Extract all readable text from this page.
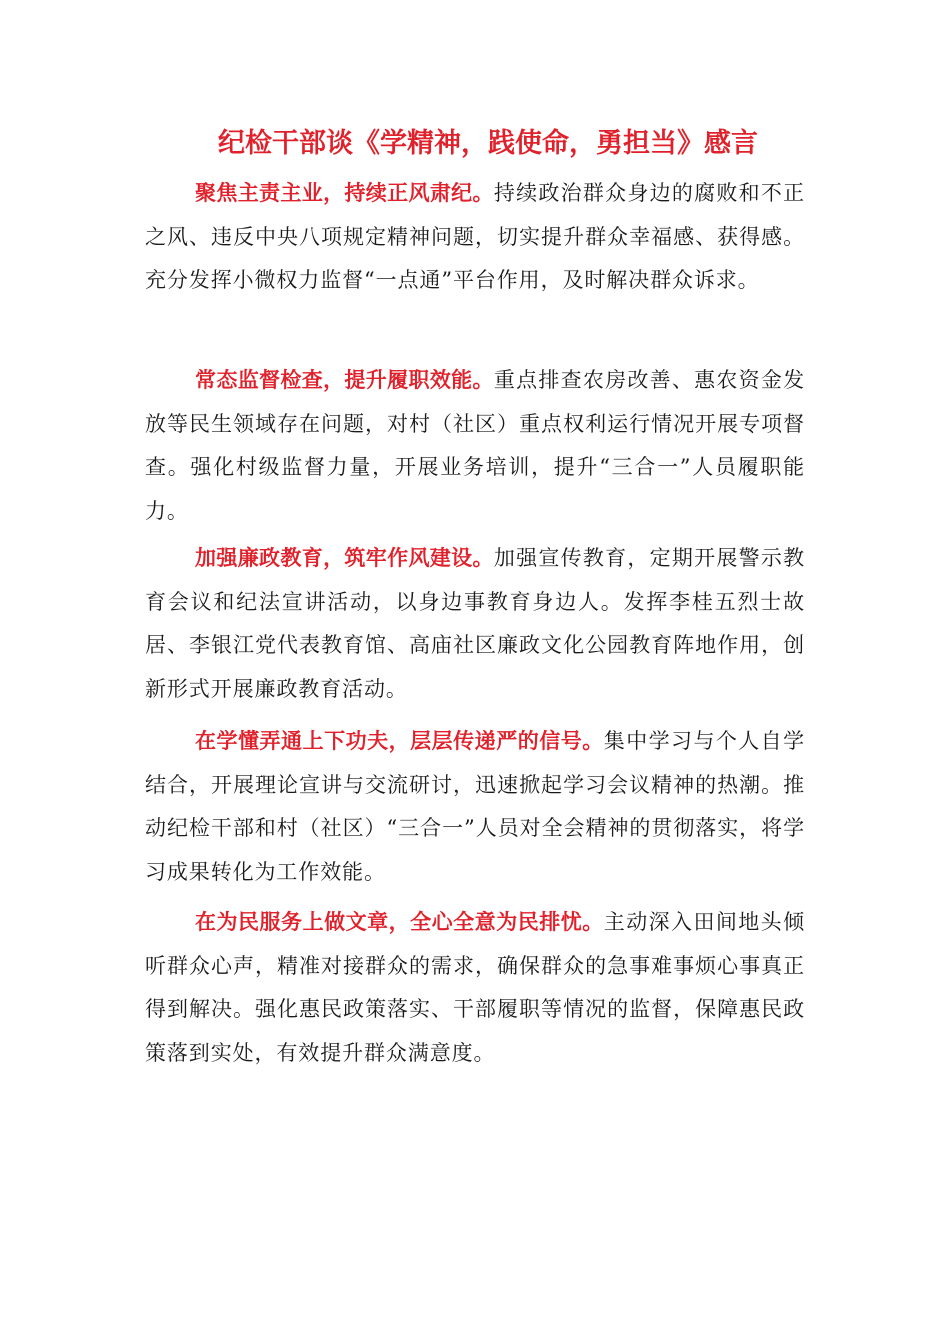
纪检干部谈《学精神，践使命，勇担当》感言

聚焦主责主业，持续正风肃纪。持续政治群众身边的腐败和不正之风、违反中央八项规定精神问题，切实提升群众幸福感、获得感。充分发挥小微权力监督“一点通”平台作用，及时解决群众诉求。

常态监督检查，提升履职效能。重点排查农房改善、惠农资金发放等民生领域存在问题，对村（社区）重点权利运行情况开展专项督查。强化村级监督力量，开展业务培训，提升“三合一”人员履职能力。

加强廉政教育，筑牢作风建设。加强宣传教育，定期开展警示教育会议和纪法宣讲活动，以身边事教育身边人。发挥李桂五烈士故居、李银江党代表教育馆、高庙社区廉政文化公园教育阵地作用，创新形式开展廉政教育活动。

在学懂弄通上下功夫，层层传递严的信号。集中学习与个人自学结合，开展理论宣讲与交流研讨，迅速掀起学习会议精神的热潮。推动纪检干部和村（社区）“三合一”人员对全会精神的贯彻落实，将学习成果转化为工作效能。

在为民服务上做文章，全心全意为民排忧。主动深入田间地头倾听群众心声，精准对接群众的需求，确保群众的急事难事烦心事真正得到解决。强化惠民政策落实、干部履职等情况的监督，保障惠民政策落到实处，有效提升群众满意度。
